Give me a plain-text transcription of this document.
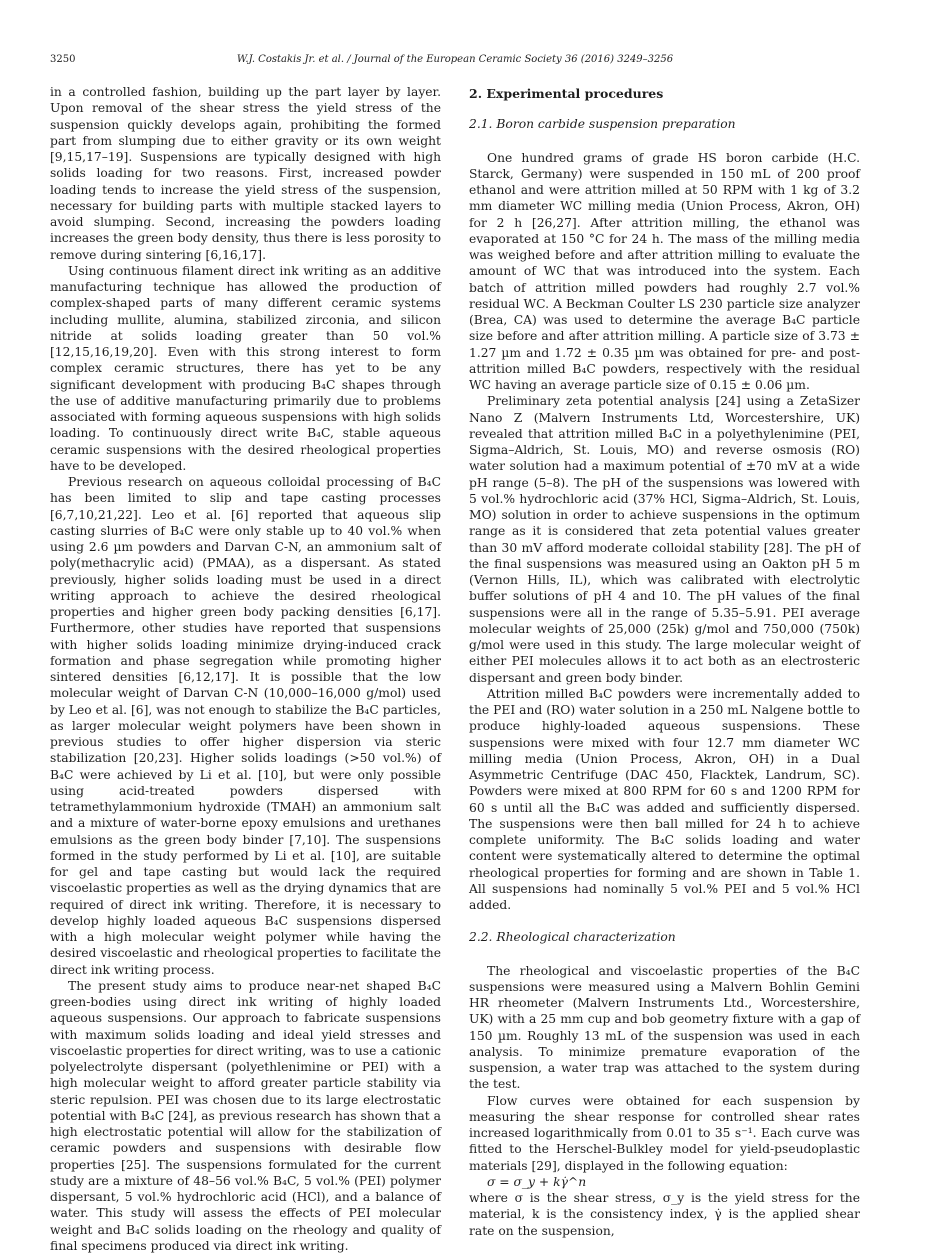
3250	W.J. Costakis Jr. et al. / Journal of the European Ceramic Society 36 (2016) 3249–3256

in a controlled fashion, building up the part layer by layer. Upon removal of the shear stress the yield stress of the suspension quickly develops again, prohibiting the formed part from slumping due to either gravity or its own weight [9,15,17–19]. Suspensions are typically designed with high solids loading for two reasons. First, increased powder loading tends to increase the yield stress of the suspension, necessary for building parts with multiple stacked layers to avoid slumping. Second, increasing the powders loading increases the green body density, thus there is less porosity to remove during sintering [6,16,17].

Using continuous filament direct ink writing as an additive manufacturing technique has allowed the production of complex-shaped parts of many different ceramic systems including mullite, alumina, stabilized zirconia, and silicon nitride at solids loading greater than 50 vol.% [12,15,16,19,20]. Even with this strong interest to form complex ceramic structures, there has yet to be any significant development with producing B₄C shapes through the use of additive manufacturing primarily due to problems associated with forming aqueous suspensions with high solids loading. To continuously direct write B₄C, stable aqueous ceramic suspensions with the desired rheological properties have to be developed.

Previous research on aqueous colloidal processing of B₄C has been limited to slip and tape casting processes [6,7,10,21,22]. Leo et al. [6] reported that aqueous slip casting slurries of B₄C were only stable up to 40 vol.% when using 2.6 µm powders and Darvan C-N, an ammonium salt of poly(methacrylic acid) (PMAA), as a dispersant. As stated previously, higher solids loading must be used in a direct writing approach to achieve the desired rheological properties and higher green body packing densities [6,17]. Furthermore, other studies have reported that suspensions with higher solids loading minimize drying-induced crack formation and phase segregation while promoting higher sintered densities [6,12,17]. It is possible that the low molecular weight of Darvan C-N (10,000–16,000 g/mol) used by Leo et al. [6], was not enough to stabilize the B₄C particles, as larger molecular weight polymers have been shown in previous studies to offer higher dispersion via steric stabilization [20,23]. Higher solids loadings (>50 vol.%) of B₄C were achieved by Li et al. [10], but were only possible using acid-treated powders dispersed with tetramethylammonium hydroxide (TMAH) an ammonium salt and a mixture of water-borne epoxy emulsions and urethanes emulsions as the green body binder [7,10]. The suspensions formed in the study performed by Li et al. [10], are suitable for gel and tape casting but would lack the required viscoelastic properties as well as the drying dynamics that are required of direct ink writing. Therefore, it is necessary to develop highly loaded aqueous B₄C suspensions dispersed with a high molecular weight polymer while having the desired viscoelastic and rheological properties to facilitate the direct ink writing process.

The present study aims to produce near-net shaped B₄C green-bodies using direct ink writing of highly loaded aqueous suspensions. Our approach to fabricate suspensions with maximum solids loading and ideal yield stresses and viscoelastic properties for direct writing, was to use a cationic polyelectrolyte dispersant (polyethlenimine or PEI) with a high molecular weight to afford greater particle stability via steric repulsion. PEI was chosen due to its large electrostatic potential with B₄C [24], as previous research has shown that a high electrostatic potential will allow for the stabilization of ceramic powders and suspensions with desirable flow properties [25]. The suspensions formulated for the current study are a mixture of 48–56 vol.% B₄C, 5 vol.% (PEI) polymer dispersant, 5 vol.% hydrochloric acid (HCl), and a balance of water. This study will assess the effects of PEI molecular weight and B₄C solids loading on the rheology and quality of final specimens produced via direct ink writing.

2. Experimental procedures
2.1. Boron carbide suspension preparation

One hundred grams of grade HS boron carbide (H.C. Starck, Germany) were suspended in 150 mL of 200 proof ethanol and were attrition milled at 50 RPM with 1 kg of 3.2 mm diameter WC milling media (Union Process, Akron, OH) for 2 h [26,27]. After attrition milling, the ethanol was evaporated at 150 °C for 24 h. The mass of the milling media was weighed before and after attrition milling to evaluate the amount of WC that was introduced into the system. Each batch of attrition milled powders had roughly 2.7 vol.% residual WC. A Beckman Coulter LS 230 particle size analyzer (Brea, CA) was used to determine the average B₄C particle size before and after attrition milling. A particle size of 3.73 ± 1.27 µm and 1.72 ± 0.35 µm was obtained for pre- and post-attrition milled B₄C powders, respectively with the residual WC having an average particle size of 0.15 ± 0.06 µm.

Preliminary zeta potential analysis [24] using a ZetaSizer Nano Z (Malvern Instruments Ltd, Worcestershire, UK) revealed that attrition milled B₄C in a polyethylenimine (PEI, Sigma–Aldrich, St. Louis, MO) and reverse osmosis (RO) water solution had a maximum potential of ±70 mV at a wide pH range (5–8). The pH of the suspensions was lowered with 5 vol.% hydrochloric acid (37% HCl, Sigma–Aldrich, St. Louis, MO) solution in order to achieve suspensions in the optimum range as it is considered that zeta potential values greater than 30 mV afford moderate colloidal stability [28]. The pH of the final suspensions was measured using an Oakton pH 5 m (Vernon Hills, IL), which was calibrated with electrolytic buffer solutions of pH 4 and 10. The pH values of the final suspensions were all in the range of 5.35–5.91. PEI average molecular weights of 25,000 (25k) g/mol and 750,000 (750k) g/mol were used in this study. The large molecular weight of either PEI molecules allows it to act both as an electrosteric dispersant and green body binder.

Attrition milled B₄C powders were incrementally added to the PEI and (RO) water solution in a 250 mL Nalgene bottle to produce highly-loaded aqueous suspensions. These suspensions were mixed with four 12.7 mm diameter WC milling media (Union Process, Akron, OH) in a Dual Asymmetric Centrifuge (DAC 450, Flacktek, Landrum, SC). Powders were mixed at 800 RPM for 60 s and 1200 RPM for 60 s until all the B₄C was added and sufficiently dispersed. The suspensions were then ball milled for 24 h to achieve complete uniformity. The B₄C solids loading and water content were systematically altered to determine the optimal rheological properties for forming and are shown in Table 1. All suspensions had nominally 5 vol.% PEI and 5 vol.% HCl added.

2.2. Rheological characterization

The rheological and viscoelastic properties of the B₄C suspensions were measured using a Malvern Bohlin Gemini HR rheometer (Malvern Instruments Ltd., Worcestershire, UK) with a 25 mm cup and bob geometry fixture with a gap of 150 µm. Roughly 13 mL of the suspension was used in each analysis. To minimize premature evaporation of the suspension, a water trap was attached to the system during the test.

Flow curves were obtained for each suspension by measuring the shear response for controlled shear rates increased logarithmically from 0.01 to 35 s⁻¹. Each curve was fitted to the Herschel-Bulkley model for yield-pseudoplastic materials [29], displayed in the following equation:

σ = σ_y + kγ̇^n

where σ is the shear stress, σ_y is the yield stress for the material, k is the consistency index, γ̇ is the applied shear rate on the suspension,
